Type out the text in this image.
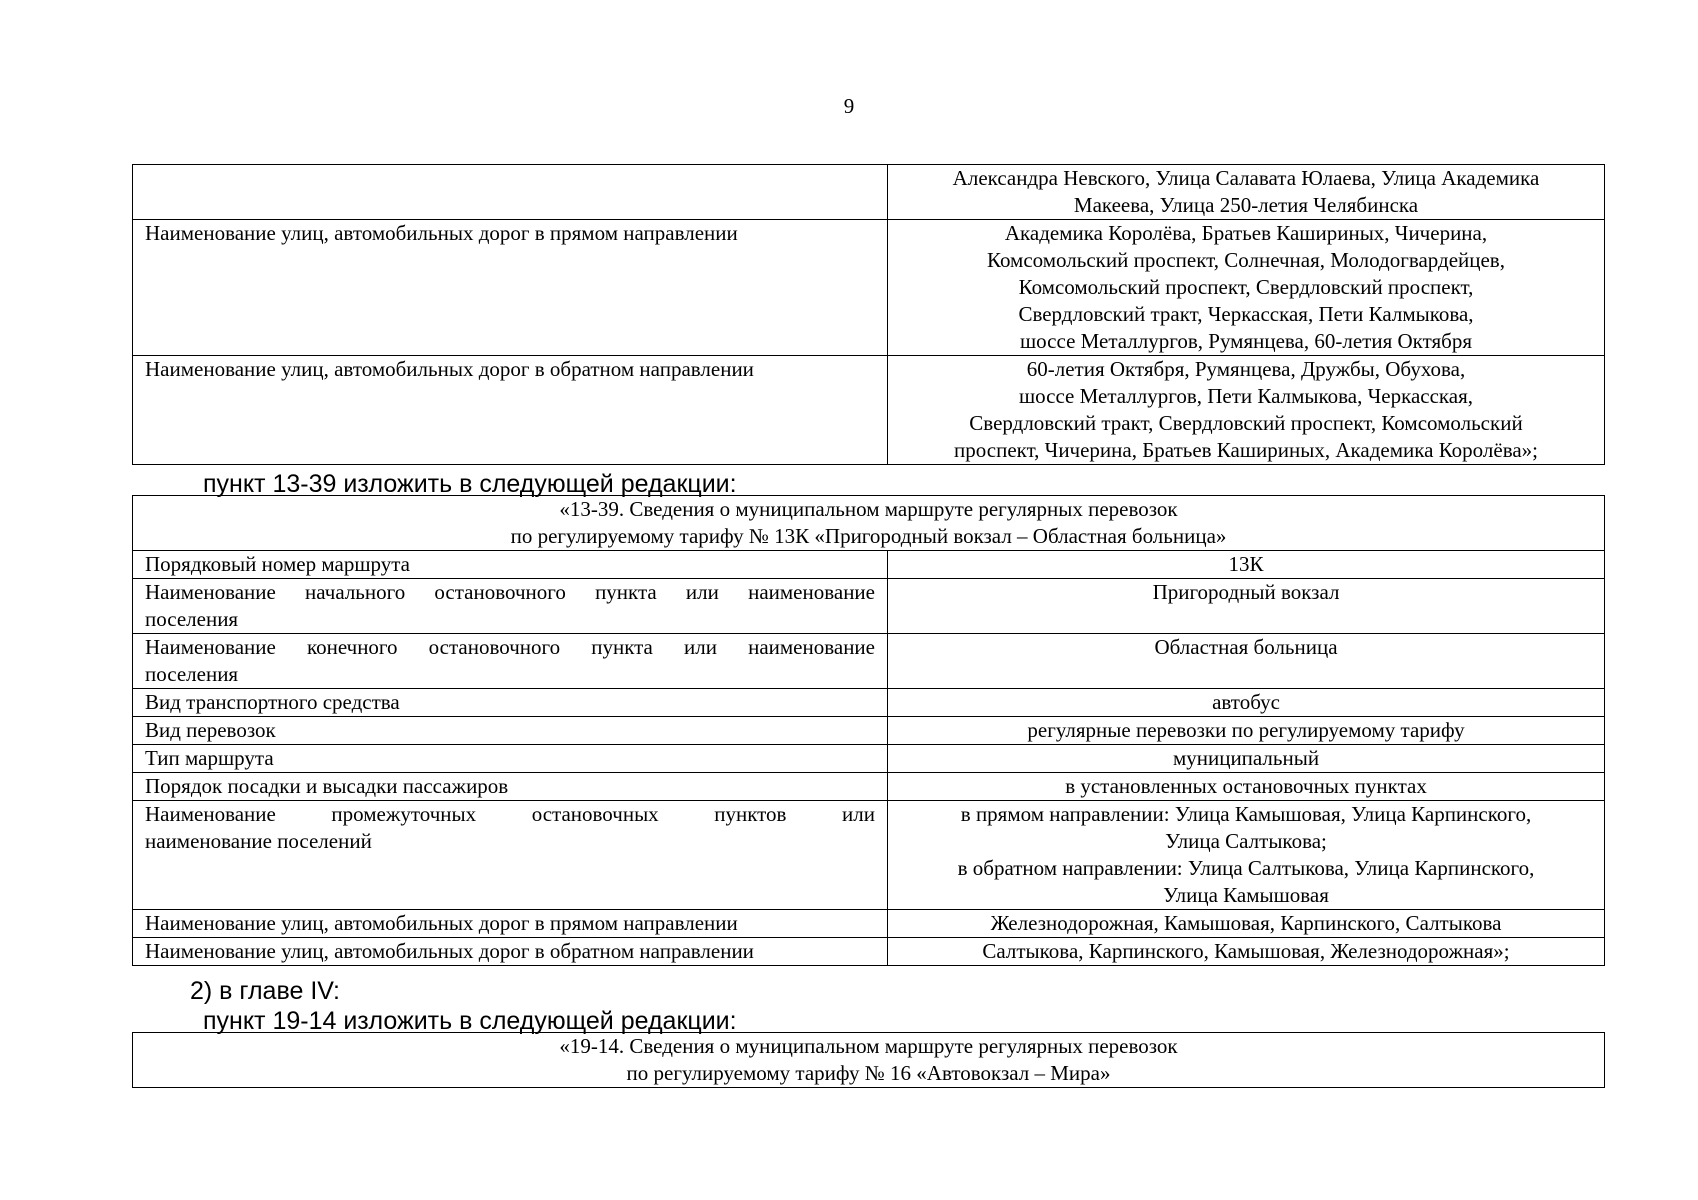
9

	Александра Невского, Улица Салавата Юлаева, Улица Академика
Макеева, Улица 250-летия Челябинска

Наименование улиц, автомобильных дорог в прямом направлении	Академика Королёва, Братьев Кашириных, Чичерина,
Комсомольский проспект, Солнечная, Молодогвардейцев,
Комсомольский проспект, Свердловский проспект,
Свердловский тракт, Черкасская, Пети Калмыкова,
шоссе Металлургов, Румянцева, 60-летия Октября

Наименование улиц, автомобильных дорог в обратном направлении	60-летия Октября, Румянцева, Дружбы, Обухова,
шоссе Металлургов, Пети Калмыкова, Черкасская,
Свердловский тракт, Свердловский проспект, Комсомольский
проспект, Чичерина, Братьев Кашириных, Академика Королёва»;
пункт 13-39 изложить в следующей редакции:
«13-39. Сведения о муниципальном маршруте регулярных перевозок
по регулируемому тарифу № 13К «Пригородный вокзал – Областная больница»	

Порядковый номер маршрута	13К

Наименование начального остановочного пункта или наименование
поселения	Пригородный вокзал

Наименование конечного остановочного пункта или наименование
поселения	Областная больница

Вид транспортного средства	автобус

Вид перевозок	регулярные перевозки по регулируемому тарифу

Тип маршрута	муниципальный

Порядок посадки и высадки пассажиров	в установленных остановочных пунктах

Наименование промежуточных остановочных пунктов или
наименование поселений	в прямом направлении: Улица Камышовая, Улица Карпинского,
Улица Салтыкова;
в обратном направлении: Улица Салтыкова, Улица Карпинского,
Улица Камышовая

Наименование улиц, автомобильных дорог в прямом направлении	Железнодорожная, Камышовая, Карпинского, Салтыкова

Наименование улиц, автомобильных дорог в обратном направлении	Салтыкова, Карпинского, Камышовая, Железнодорожная»;
2) в главе IV:
пункт 19-14 изложить в следующей редакции:
«19-14. Сведения о муниципальном маршруте регулярных перевозок
по регулируемому тарифу № 16 «Автовокзал – Мира»
